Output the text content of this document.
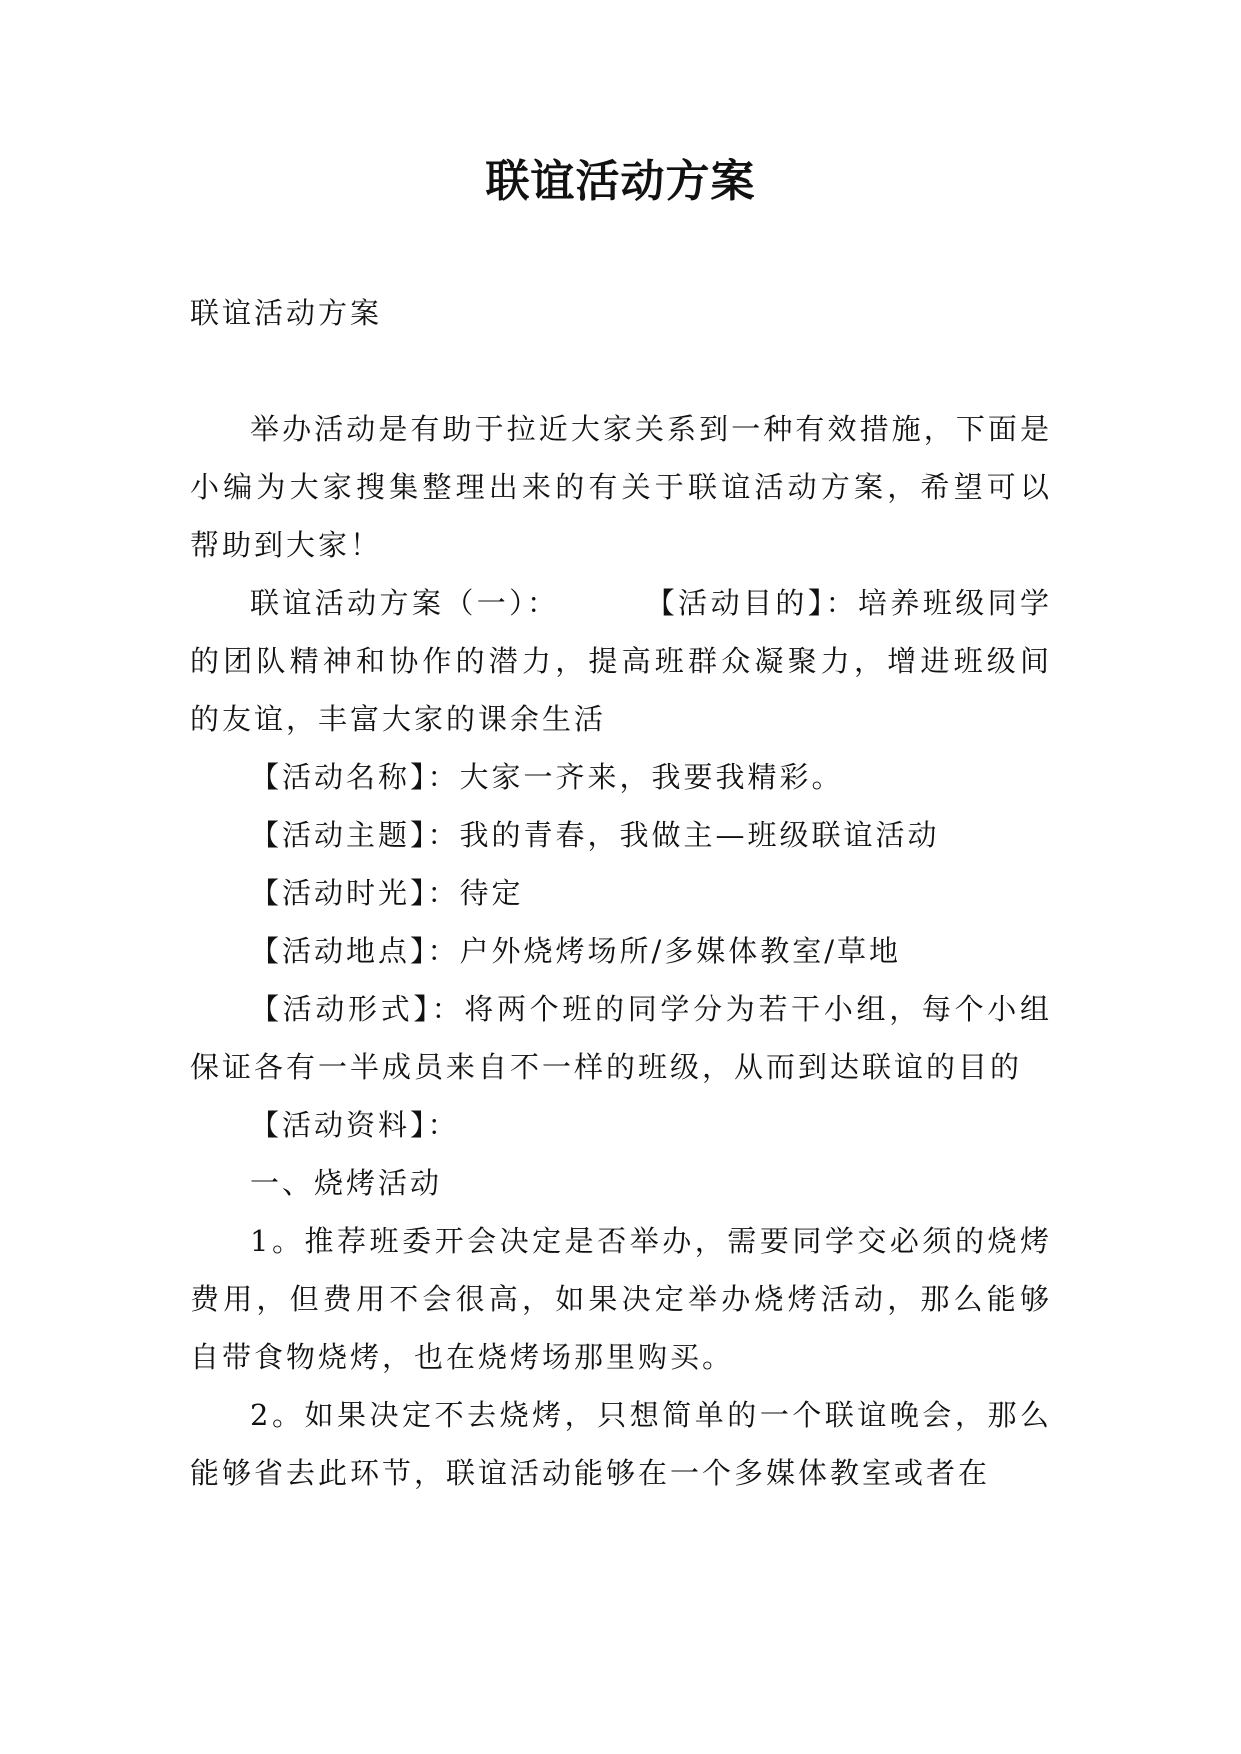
联谊活动方案

联谊活动方案

举办活动是有助于拉近大家关系到一种有效措施，下面是小编为大家搜集整理出来的有关于联谊活动方案，希望可以帮助到大家！

联谊活动方案（一）：	【活动目的】：培养班级同学的团队精神和协作的潜力，提高班群众凝聚力，增进班级间的友谊，丰富大家的课余生活

【活动名称】：大家一齐来，我要我精彩。

【活动主题】：我的青春，我做主—班级联谊活动

【活动时光】：待定

【活动地点】：户外烧烤场所/多媒体教室/草地

【活动形式】：将两个班的同学分为若干小组，每个小组保证各有一半成员来自不一样的班级，从而到达联谊的目的

【活动资料】：

一、烧烤活动

1。推荐班委开会决定是否举办，需要同学交必须的烧烤费用，但费用不会很高，如果决定举办烧烤活动，那么能够自带食物烧烤，也在烧烤场那里购买。

2。如果决定不去烧烤，只想简单的一个联谊晚会，那么能够省去此环节，联谊活动能够在一个多媒体教室或者在
